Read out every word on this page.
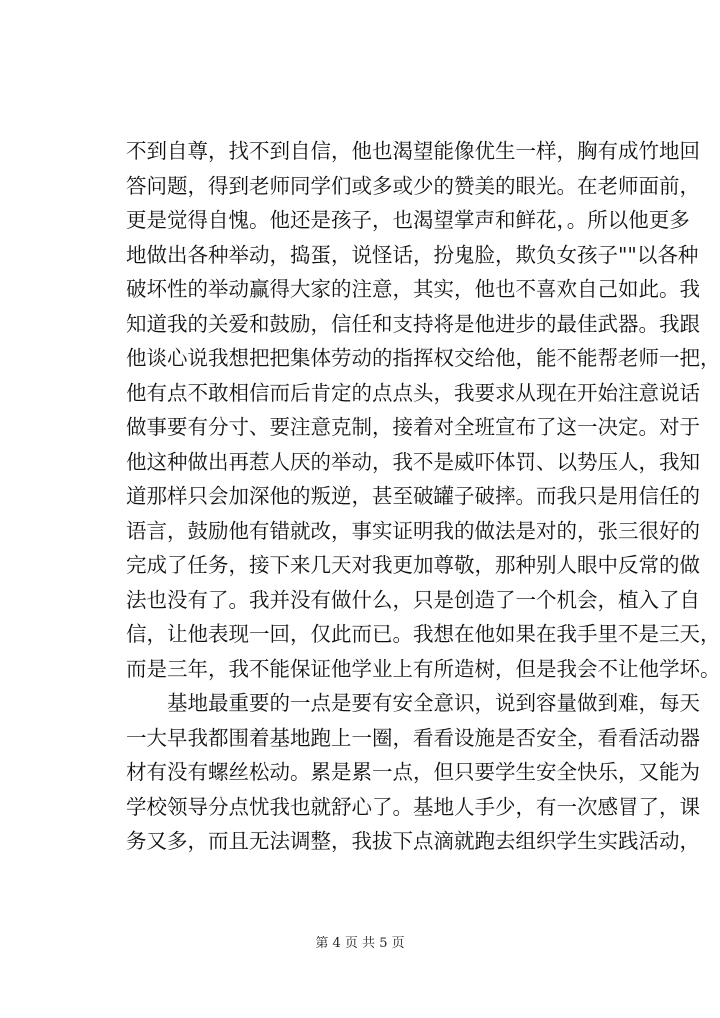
不到自尊，找不到自信，他也渴望能像优生一样，胸有成竹地回
答问题，得到老师同学们或多或少的赞美的眼光。在老师面前，
更是觉得自愧。他还是孩子，也渴望掌声和鲜花，。所以他更多
地做出各种举动，捣蛋，说怪话，扮鬼脸，欺负女孩子""以各种
破坏性的举动赢得大家的注意，其实，他也不喜欢自己如此。我
知道我的关爱和鼓励，信任和支持将是他进步的最佳武器。我跟
他谈心说我想把把集体劳动的指挥权交给他，能不能帮老师一把，
他有点不敢相信而后肯定的点点头，我要求从现在开始注意说话
做事要有分寸、要注意克制，接着对全班宣布了这一决定。对于
他这种做出再惹人厌的举动，我不是威吓体罚、以势压人，我知
道那样只会加深他的叛逆，甚至破罐子破摔。而我只是用信任的
语言，鼓励他有错就改，事实证明我的做法是对的，张三很好的
完成了任务，接下来几天对我更加尊敬，那种别人眼中反常的做
法也没有了。我并没有做什么，只是创造了一个机会，植入了自
信，让他表现一回，仅此而已。我想在他如果在我手里不是三天，
而是三年，我不能保证他学业上有所造树，但是我会不让他学坏。
　　基地最重要的一点是要有安全意识，说到容量做到难，每天
一大早我都围着基地跑上一圈，看看设施是否安全，看看活动器
材有没有螺丝松动。累是累一点，但只要学生安全快乐，又能为
学校领导分点忧我也就舒心了。基地人手少，有一次感冒了，课
务又多，而且无法调整，我拔下点滴就跑去组织学生实践活动，
第 4 页 共 5 页
